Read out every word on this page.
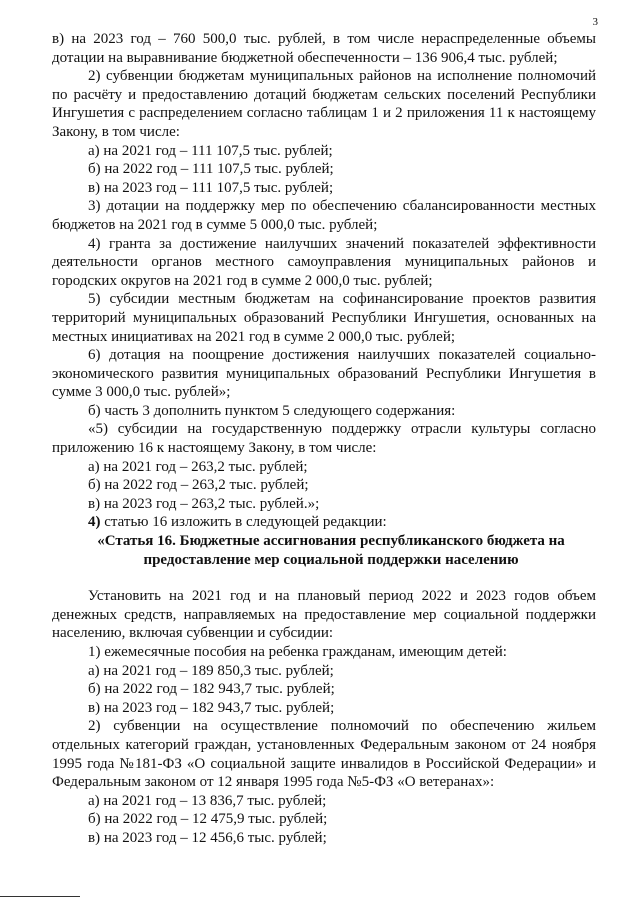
3

в) на 2023 год – 760 500,0 тыс. рублей, в том числе нераспределенные объемы дотации на выравнивание бюджетной обеспеченности – 136 906,4 тыс. рублей;

2) субвенции бюджетам муниципальных районов на исполнение полномочий по расчёту и предоставлению дотаций бюджетам сельских поселений Республики Ингушетия с распределением согласно таблицам 1 и 2 приложения 11 к настоящему Закону, в том числе:

а) на 2021 год – 111 107,5 тыс. рублей;

б) на 2022 год – 111 107,5 тыс. рублей;

в) на 2023 год – 111 107,5 тыс. рублей;

3) дотации на поддержку мер по обеспечению сбалансированности местных бюджетов на 2021 год в сумме 5 000,0 тыс. рублей;

4) гранта за достижение наилучших значений показателей эффективности деятельности органов местного самоуправления муниципальных районов и городских округов на 2021 год в сумме 2 000,0 тыс. рублей;

5) субсидии местным бюджетам на софинансирование проектов развития территорий муниципальных образований Республики Ингушетия, основанных на местных инициативах на 2021 год в сумме 2 000,0 тыс. рублей;

6) дотация на поощрение достижения наилучших показателей социально-экономического развития муниципальных образований Республики Ингушетия в сумме 3 000,0 тыс. рублей»;

б) часть 3 дополнить пунктом 5 следующего содержания:

«5) субсидии на государственную поддержку отрасли культуры согласно приложению 16 к настоящему Закону, в том числе:

а) на 2021 год – 263,2 тыс. рублей;

б) на 2022 год – 263,2 тыс. рублей;

в) на 2023 год – 263,2 тыс. рублей.»;

4) статью 16 изложить в следующей редакции:

«Статья 16. Бюджетные ассигнования республиканского бюджета на предоставление мер социальной поддержки населению

Установить на 2021 год и на плановый период 2022 и 2023 годов объем денежных средств, направляемых на предоставление мер социальной поддержки населению, включая субвенции и субсидии:

1) ежемесячные пособия на ребенка гражданам, имеющим детей:

а) на 2021 год – 189 850,3 тыс. рублей;

б) на 2022 год – 182 943,7 тыс. рублей;

в) на 2023 год – 182 943,7 тыс. рублей;

2) субвенции на осуществление полномочий по обеспечению жильем отдельных категорий граждан, установленных Федеральным законом от 24 ноября 1995 года №181-ФЗ «О социальной защите инвалидов в Российской Федерации» и Федеральным законом от 12 января 1995 года №5-ФЗ «О ветеранах»:

а) на 2021 год – 13 836,7 тыс. рублей;

б) на 2022 год – 12 475,9 тыс. рублей;

в) на 2023 год – 12 456,6 тыс. рублей;
